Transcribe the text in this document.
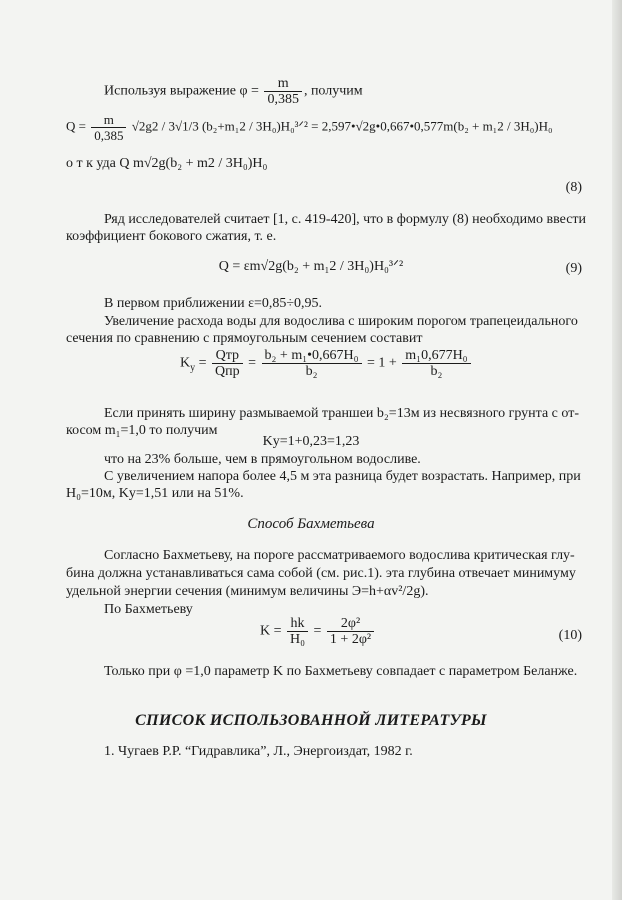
Используя выражение $\varphi = \frac{m}{0,385}$ , получим
$Q = \frac{m}{0,385} √2g2 / 3√1/3$ (b₂+m₁2 / 3H₀)H₀³ᐟ² = 2,597•√2g•0,667•0,577m(b₂ + m₁2 / 3H₀)H₀
о т к уда Q m√2g(b₂ + m2 / 3H₀)H₀
(8)
Ряд исследователей считает [1, с. 419-420], что в формулу (8) необходимо ввести
коэффициент бокового сжатия, т. е.
Q = εm√2g(b₂ + m₁2 / 3H₀)H₀³ᐟ²	(9)
В первом приближении ε=0,85÷0,95.
Увеличение расхода воды для водослива с широким порогом трапецеидального
сечения по сравнению с прямоугольным сечением составит
$K_у = \frac{\text{Qтр}}{\text{Qпр}} = \frac{\text{b₂ + m₁•0,667H₀}}{\text{b₂}} = 1 + \frac{\text{m₁0,677H₀}}{\text{b₂}}$
Если принять ширину размываемой траншеи b₂=13м из несвязного грунта с от-
косом m₁=1,0 то получим
Kу=1+0,23=1,23
что на 23% больше, чем в прямоугольном водосливе.
С увеличением напора более 4,5 м эта разница будет возрастать. Например, при
H₀=10м, Kу=1,51 или на 51%.
Способ Бахметьева
Согласно Бахметьеву, на пороге рассматриваемого водослива критическая глу-
бина должна устанавливаться сама собой (см. рис.1). эта глубина отвечает минимуму
удельной энергии сечения (минимум величины Э=h+αv²/2g).
По Бахметьеву
$K = \frac{hk}{\text{H₀}} = \frac{\text{2φ²}}{\text{1 + 2φ²}}$	(10)
Только при φ =1,0 параметр K по Бахметьеву совпадает с параметром Беланже.
СПИСОК ИСПОЛЬЗОВАННОЙ ЛИТЕРАТУРЫ
1. Чугаев Р.Р. “Гидравлика”, Л., Энергоиздат, 1982 г.
